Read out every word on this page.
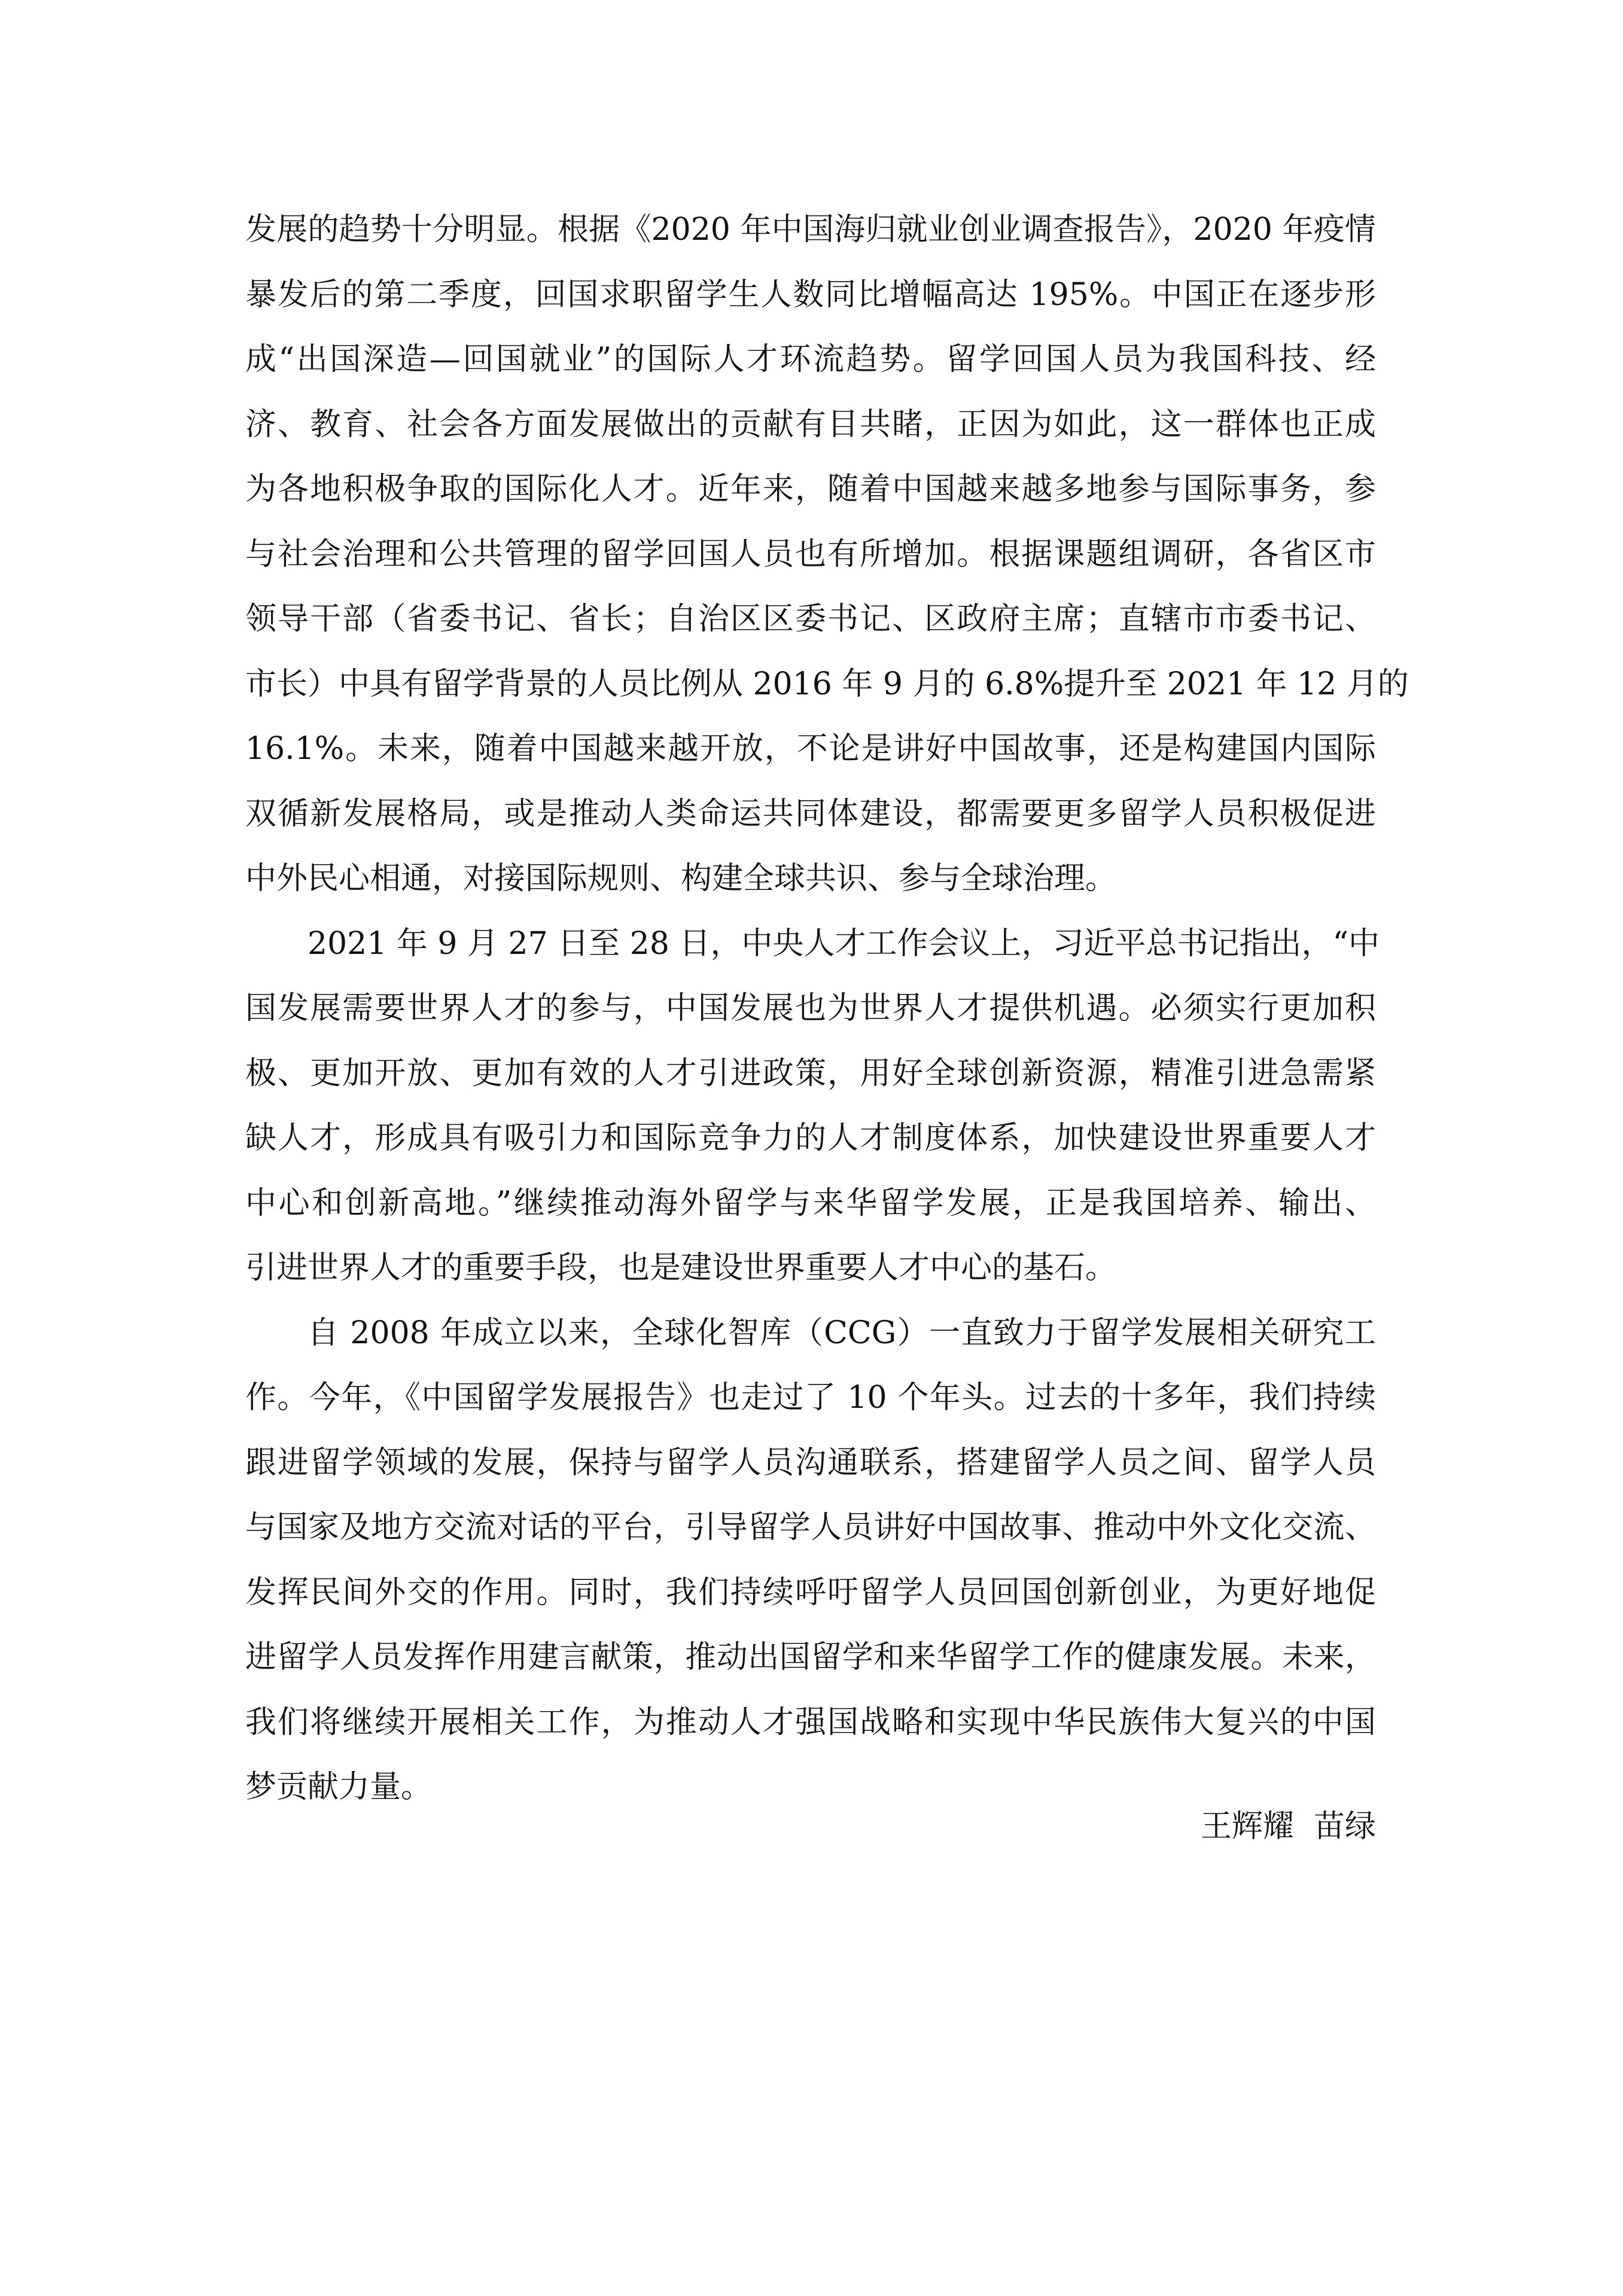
发展的趋势十分明显。根据《2020 年中国海归就业创业调查报告》，2020 年疫情
暴发后的第二季度，回国求职留学生人数同比增幅高达 195%。中国正在逐步形
成“出国深造—回国就业”的国际人才环流趋势。留学回国人员为我国科技、经
济、教育、社会各方面发展做出的贡献有目共睹，正因为如此，这一群体也正成
为各地积极争取的国际化人才。近年来，随着中国越来越多地参与国际事务，参
与社会治理和公共管理的留学回国人员也有所增加。根据课题组调研，各省区市
领导干部（省委书记、省长；自治区区委书记、区政府主席；直辖市市委书记、
市长）中具有留学背景的人员比例从 2016 年 9 月的 6.8%提升至 2021 年 12 月的
16.1%。未来，随着中国越来越开放，不论是讲好中国故事，还是构建国内国际
双循新发展格局，或是推动人类命运共同体建设，都需要更多留学人员积极促进
中外民心相通，对接国际规则、构建全球共识、参与全球治理。
2021 年 9 月 27 日至 28 日，中央人才工作会议上，习近平总书记指出，“中
国发展需要世界人才的参与，中国发展也为世界人才提供机遇。必须实行更加积
极、更加开放、更加有效的人才引进政策，用好全球创新资源，精准引进急需紧
缺人才，形成具有吸引力和国际竞争力的人才制度体系，加快建设世界重要人才
中心和创新高地。”继续推动海外留学与来华留学发展，正是我国培养、输出、
引进世界人才的重要手段，也是建设世界重要人才中心的基石。
自 2008 年成立以来，全球化智库（CCG）一直致力于留学发展相关研究工
作。今年，《中国留学发展报告》也走过了 10 个年头。过去的十多年，我们持续
跟进留学领域的发展，保持与留学人员沟通联系，搭建留学人员之间、留学人员
与国家及地方交流对话的平台，引导留学人员讲好中国故事、推动中外文化交流、
发挥民间外交的作用。同时，我们持续呼吁留学人员回国创新创业，为更好地促
进留学人员发挥作用建言献策，推动出国留学和来华留学工作的健康发展。未来，
我们将继续开展相关工作，为推动人才强国战略和实现中华民族伟大复兴的中国
梦贡献力量。
王辉耀  苗绿
